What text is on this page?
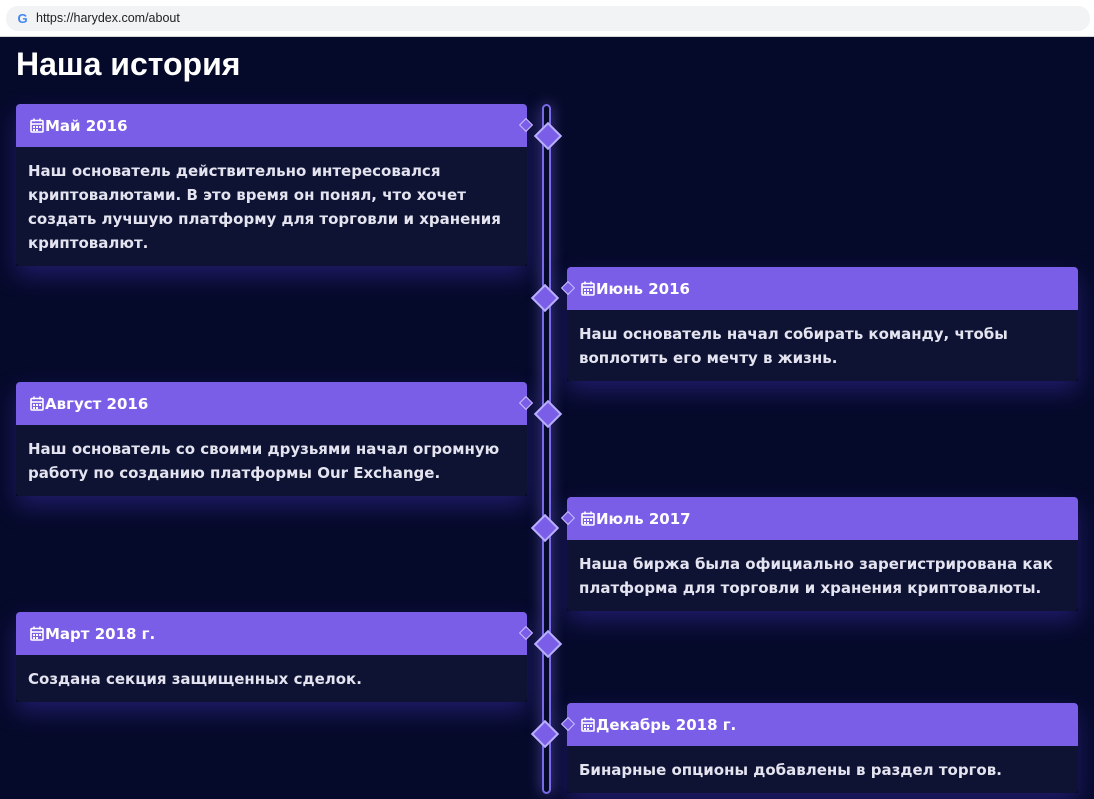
G https://harydex.com/about
Наша история
Май 2016
Наш основатель действительно интересовался криптовалютами. В это время он понял, что хочет создать лучшую платформу для торговли и хранения криптовалют.
Июнь 2016
Наш основатель начал собирать команду, чтобы воплотить его мечту в жизнь.
Август 2016
Наш основатель со своими друзьями начал огромную работу по созданию платформы Our Exchange.
Июль 2017
Наша биржа была официально зарегистрирована как платформа для торговли и хранения криптовалюты.
Март 2018 г.
Создана секция защищенных сделок.
Декабрь 2018 г.
Бинарные опционы добавлены в раздел торгов.
